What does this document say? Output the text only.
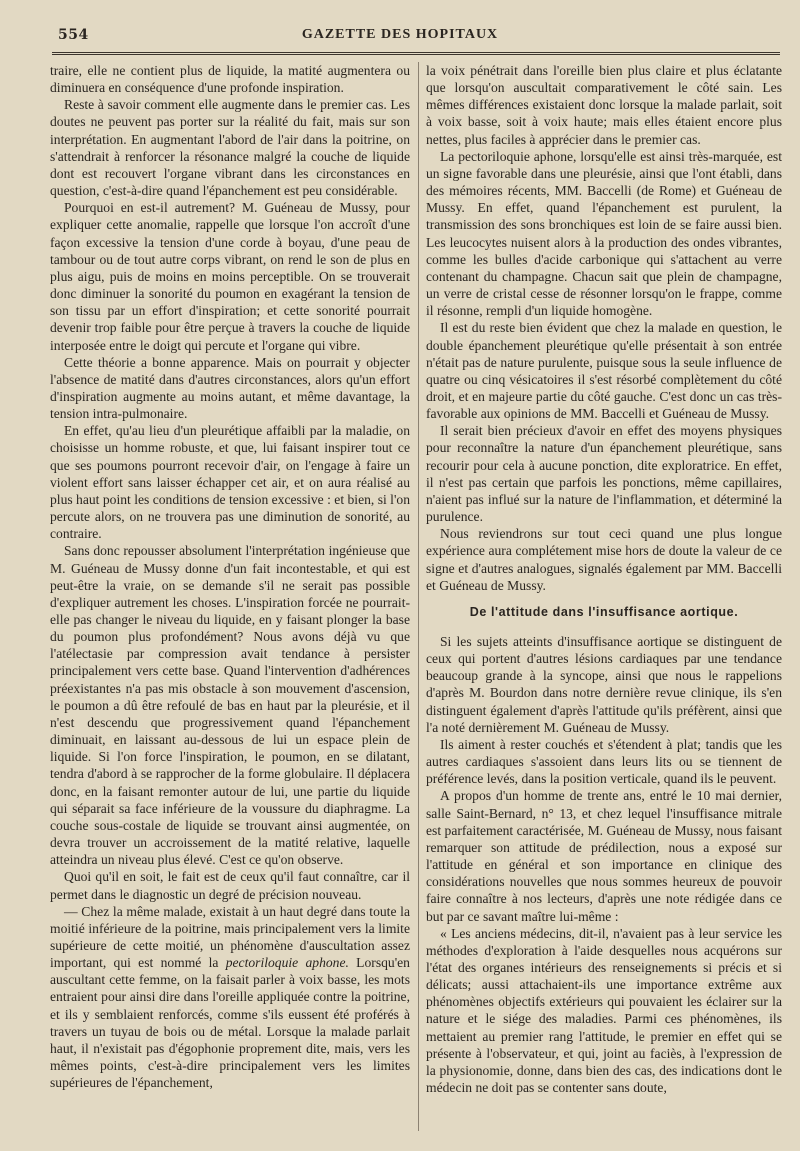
554	GAZETTE DES HOPITAUX

traire, elle ne contient plus de liquide, la matité augmentera ou diminuera en conséquence d'une profonde inspiration.

Reste à savoir comment elle augmente dans le premier cas. Les doutes ne peuvent pas porter sur la réalité du fait, mais sur son interprétation. En augmentant l'abord de l'air dans la poitrine, on s'attendrait à renforcer la résonance malgré la couche de liquide dont est recouvert l'organe vibrant dans les circonstances en question, c'est-à-dire quand l'épanchement est peu considérable.

Pourquoi en est-il autrement? M. Guéneau de Mussy, pour expliquer cette anomalie, rappelle que lorsque l'on accroît d'une façon excessive la tension d'une corde à boyau, d'une peau de tambour ou de tout autre corps vibrant, on rend le son de plus en plus aigu, puis de moins en moins perceptible. On se trouverait donc diminuer la sonorité du poumon en exagérant la tension de son tissu par un effort d'inspiration; et cette sonorité pourrait devenir trop faible pour être perçue à travers la couche de liquide interposée entre le doigt qui percute et l'organe qui vibre.

Cette théorie a bonne apparence. Mais on pourrait y objecter l'absence de matité dans d'autres circonstances, alors qu'un effort d'inspiration augmente au moins autant, et même davantage, la tension intra-pulmonaire.

En effet, qu'au lieu d'un pleurétique affaibli par la maladie, on choisisse un homme robuste, et que, lui faisant inspirer tout ce que ses poumons pourront recevoir d'air, on l'engage à faire un violent effort sans laisser échapper cet air, et on aura réalisé au plus haut point les conditions de tension excessive : et bien, si l'on percute alors, on ne trouvera pas une diminution de sonorité, au contraire.

Sans donc repousser absolument l'interprétation ingénieuse que M. Guéneau de Mussy donne d'un fait incontestable, et qui est peut-être la vraie, on se demande s'il ne serait pas possible d'expliquer autrement les choses. L'inspiration forcée ne pourrait-elle pas changer le niveau du liquide, en y faisant plonger la base du poumon plus profondément? Nous avons déjà vu que l'atélectasie par compression avait tendance à persister principalement vers cette base. Quand l'intervention d'adhérences préexistantes n'a pas mis obstacle à son mouvement d'ascension, le poumon a dû être refoulé de bas en haut par la pleurésie, et il n'est descendu que progressivement quand l'épanchement diminuait, en laissant au-dessous de lui un espace plein de liquide. Si l'on force l'inspiration, le poumon, en se dilatant, tendra d'abord à se rapprocher de la forme globulaire. Il déplacera donc, en la faisant remonter autour de lui, une partie du liquide qui séparait sa face inférieure de la voussure du diaphragme. La couche sous-costale de liquide se trouvant ainsi augmentée, on devra trouver un accroissement de la matité relative, laquelle atteindra un niveau plus élevé. C'est ce qu'on observe.

Quoi qu'il en soit, le fait est de ceux qu'il faut connaître, car il permet dans le diagnostic un degré de précision nouveau.

— Chez la même malade, existait à un haut degré dans toute la moitié inférieure de la poitrine, mais principalement vers la limite supérieure de cette moitié, un phénomène d'auscultation assez important, qui est nommé la pectoriloquie aphone. Lorsqu'en auscultant cette femme, on la faisait parler à voix basse, les mots entraient pour ainsi dire dans l'oreille appliquée contre la poitrine, et ils y semblaient renforcés, comme s'ils eussent été proférés à travers un tuyau de bois ou de métal. Lorsque la malade parlait haut, il n'existait pas d'égophonie proprement dite, mais, vers les mêmes points, c'est-à-dire principalement vers les limites supérieures de l'épanchement,

la voix pénétrait dans l'oreille bien plus claire et plus éclatante que lorsqu'on auscultait comparativement le côté sain. Les mêmes différences existaient donc lorsque la malade parlait, soit à voix basse, soit à voix haute; mais elles étaient encore plus nettes, plus faciles à apprécier dans le premier cas.

La pectoriloquie aphone, lorsqu'elle est ainsi très-marquée, est un signe favorable dans une pleurésie, ainsi que l'ont établi, dans des mémoires récents, MM. Baccelli (de Rome) et Guéneau de Mussy. En effet, quand l'épanchement est purulent, la transmission des sons bronchiques est loin de se faire aussi bien. Les leucocytes nuisent alors à la production des ondes vibrantes, comme les bulles d'acide carbonique qui s'attachent au verre contenant du champagne. Chacun sait que plein de champagne, un verre de cristal cesse de résonner lorsqu'on le frappe, comme il résonne, rempli d'un liquide homogène.

Il est du reste bien évident que chez la malade en question, le double épanchement pleurétique qu'elle présentait à son entrée n'était pas de nature purulente, puisque sous la seule influence de quatre ou cinq vésicatoires il s'est résorbé complètement du côté droit, et en majeure partie du côté gauche. C'est donc un cas très-favorable aux opinions de MM. Baccelli et Guéneau de Mussy.

Il serait bien précieux d'avoir en effet des moyens physiques pour reconnaître la nature d'un épanchement pleurétique, sans recourir pour cela à aucune ponction, dite exploratrice. En effet, il n'est pas certain que parfois les ponctions, même capillaires, n'aient pas influé sur la nature de l'inflammation, et déterminé la purulence.

Nous reviendrons sur tout ceci quand une plus longue expérience aura complétement mise hors de doute la valeur de ce signe et d'autres analogues, signalés également par MM. Baccelli et Guéneau de Mussy.

De l'attitude dans l'insuffisance aortique.

Si les sujets atteints d'insuffisance aortique se distinguent de ceux qui portent d'autres lésions cardiaques par une tendance beaucoup grande à la syncope, ainsi que nous le rappelions d'après M. Bourdon dans notre dernière revue clinique, ils s'en distinguent également d'après l'attitude qu'ils préfèrent, ainsi que l'a noté dernièrement M. Guéneau de Mussy.

Ils aiment à rester couchés et s'étendent à plat; tandis que les autres cardiaques s'assoient dans leurs lits ou se tiennent de préférence levés, dans la position verticale, quand ils le peuvent.

A propos d'un homme de trente ans, entré le 10 mai dernier, salle Saint-Bernard, n° 13, et chez lequel l'insuffisance mitrale est parfaitement caractérisée, M. Guéneau de Mussy, nous faisant remarquer son attitude de prédilection, nous a exposé sur l'attitude en général et son importance en clinique des considérations nouvelles que nous sommes heureux de pouvoir faire connaître à nos lecteurs, d'après une note rédigée dans ce but par ce savant maître lui-même :

« Les anciens médecins, dit-il, n'avaient pas à leur service les méthodes d'exploration à l'aide desquelles nous acquérons sur l'état des organes intérieurs des renseignements si précis et si délicats; aussi attachaient-ils une importance extrême aux phénomènes objectifs extérieurs qui pouvaient les éclairer sur la nature et le siége des maladies. Parmi ces phénomènes, ils mettaient au premier rang l'attitude, le premier en effet qui se présente à l'observateur, et qui, joint au faciès, à l'expression de la physionomie, donne, dans bien des cas, des indications dont le médecin ne doit pas se contenter sans doute,
